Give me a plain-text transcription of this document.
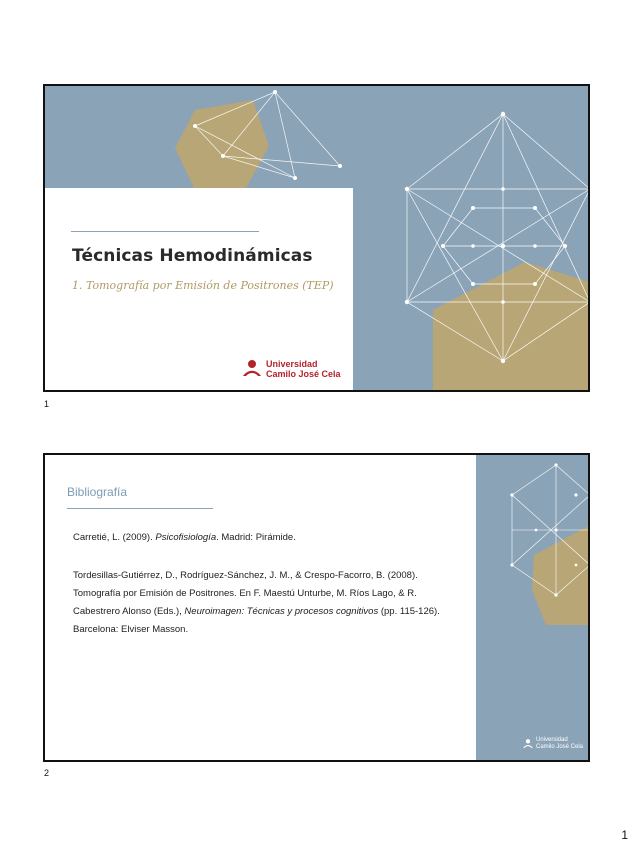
Técnicas Hemodinámicas
1. Tomografía por Emisión de Positrones (TEP)
Universidad
Camilo José Cela
1
Universidad
Camilo José Cela
Bibliografía
Carretié, L. (2009). Psicofisiología. Madrid: Pirámide.
Tordesillas-Gutiérrez, D., Rodríguez-Sánchez, J. M., & Crespo-Facorro, B. (2008). Tomografía por Emisión de Positrones. En F. Maestú Unturbe, M. Ríos Lago, & R. Cabestrero Alonso (Eds.), Neuroimagen: Técnicas y procesos cognitivos (pp. 115-126). Barcelona: Elviser Masson.
2
1
